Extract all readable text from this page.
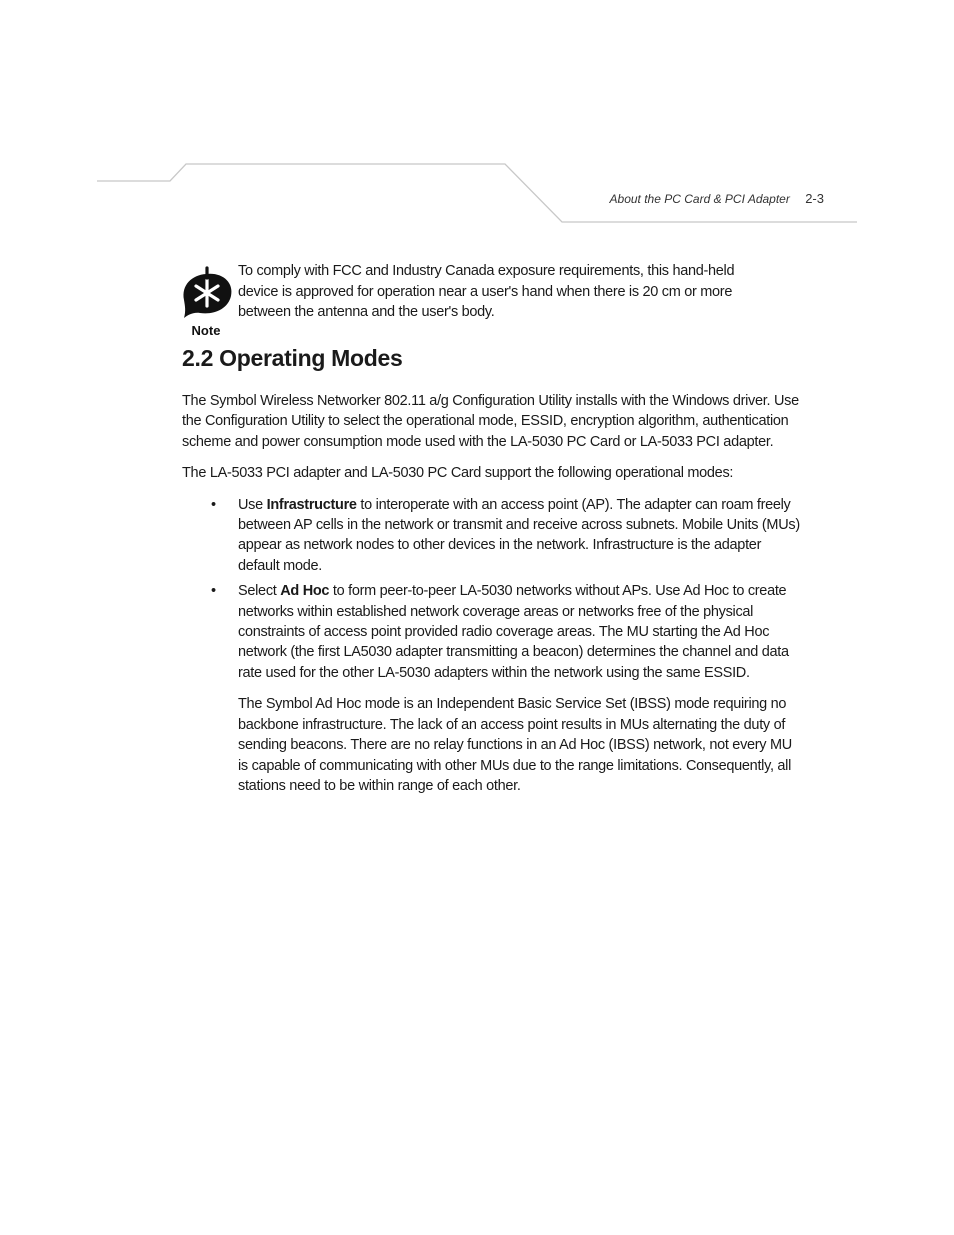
About the PC Card & PCI Adapter 2-3
Note
To comply with FCC and Industry Canada exposure requirements, this hand-held device is approved for operation near a user's hand when there is 20 cm or more between the antenna and the user's body.
2.2 Operating Modes

The Symbol Wireless Networker 802.11 a/g Configuration Utility installs with the Windows driver. Use the Configuration Utility to select the operational mode, ESSID, encryption algorithm, authentication scheme and power consumption mode used with the LA-5030 PC Card or LA-5033 PCI adapter.

The LA-5033 PCI adapter and LA-5030 PC Card support the following operational modes:

• Use Infrastructure to interoperate with an access point (AP). The adapter can roam freely between AP cells in the network or transmit and receive across subnets. Mobile Units (MUs) appear as network nodes to other devices in the network. Infrastructure is the adapter default mode.
• Select Ad Hoc to form peer-to-peer LA-5030 networks without APs. Use Ad Hoc to create networks within established network coverage areas or networks free of the physical constraints of access point provided radio coverage areas. The MU starting the Ad Hoc network (the first LA5030 adapter transmitting a beacon) determines the channel and data rate used for the other LA-5030 adapters within the network using the same ESSID.

The Symbol Ad Hoc mode is an Independent Basic Service Set (IBSS) mode requiring no backbone infrastructure. The lack of an access point results in MUs alternating the duty of sending beacons. There are no relay functions in an Ad Hoc (IBSS) network, not every MU is capable of communicating with other MUs due to the range limitations. Consequently, all stations need to be within range of each other.
